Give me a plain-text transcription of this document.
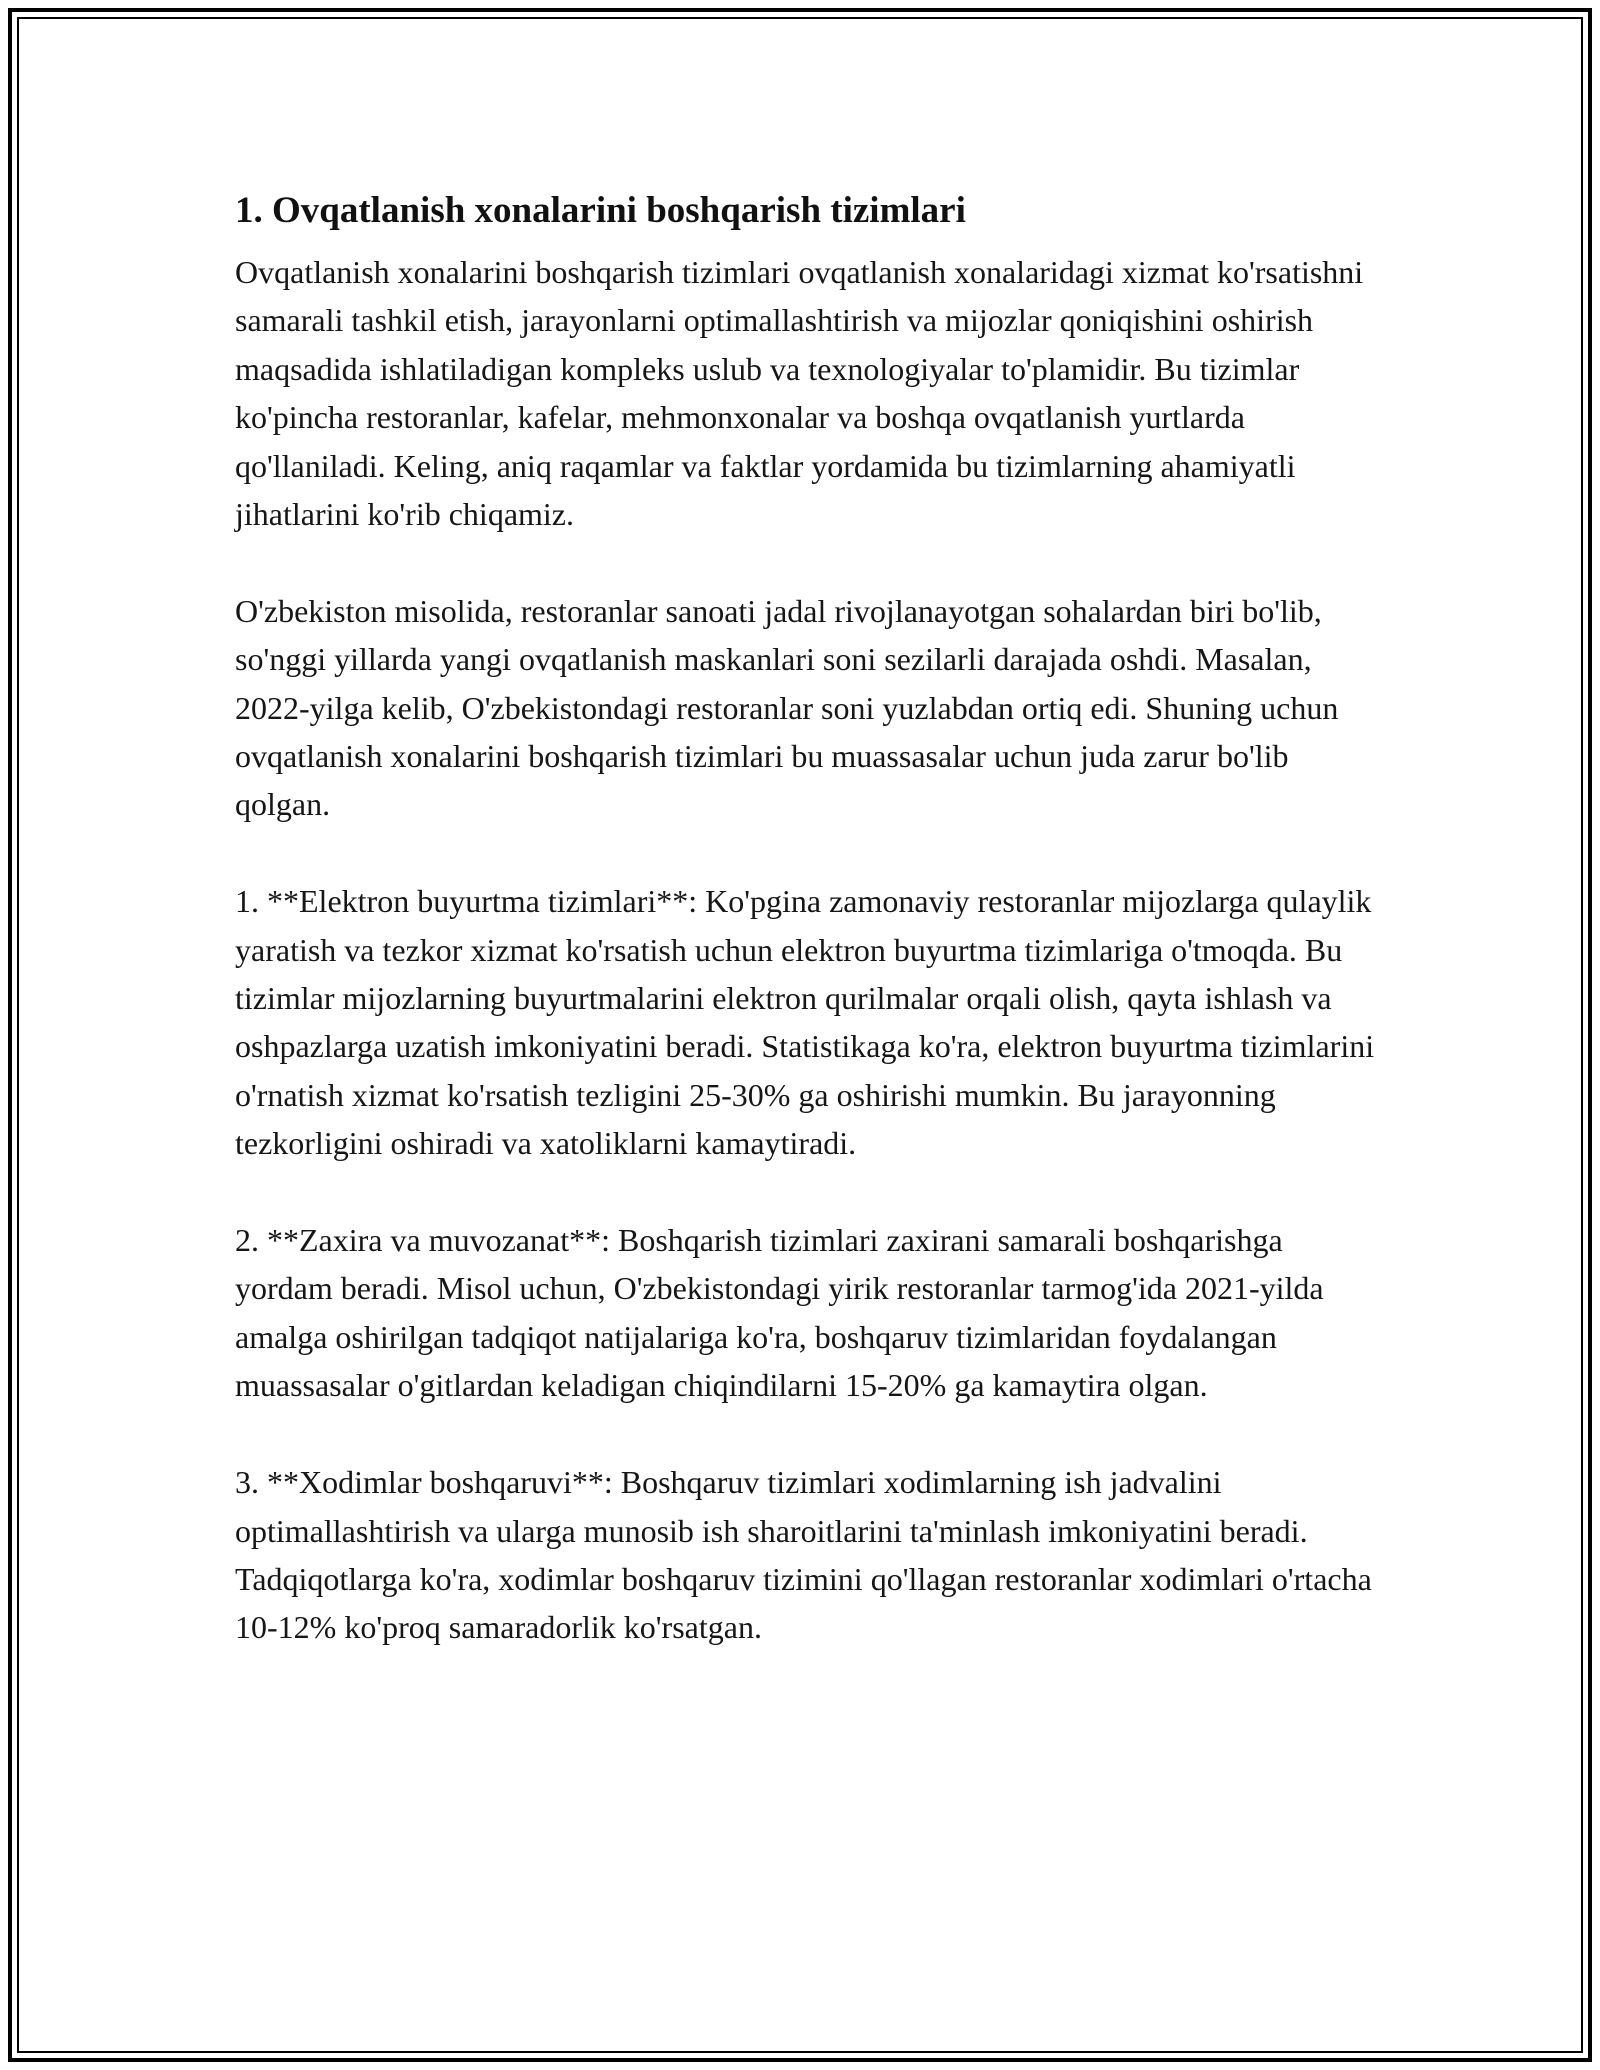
1. Ovqatlanish xonalarini boshqarish tizimlari

Ovqatlanish xonalarini boshqarish tizimlari ovqatlanish xonalaridagi xizmat ko'rsatishni samarali tashkil etish, jarayonlarni optimallashtirish va mijozlar qoniqishini oshirish maqsadida ishlatiladigan kompleks uslub va texnologiyalar to'plamidir. Bu tizimlar ko'pincha restoranlar, kafelar, mehmonxonalar va boshqa ovqatlanish yurtlarda qo'llaniladi. Keling, aniq raqamlar va faktlar yordamida bu tizimlarning ahamiyatli jihatlarini ko'rib chiqamiz.

O'zbekiston misolida, restoranlar sanoati jadal rivojlanayotgan sohalardan biri bo'lib, so'nggi yillarda yangi ovqatlanish maskanlari soni sezilarli darajada oshdi. Masalan, 2022-yilga kelib, O'zbekistondagi restoranlar soni yuzlabdan ortiq edi. Shuning uchun ovqatlanish xonalarini boshqarish tizimlari bu muassasalar uchun juda zarur bo'lib qolgan.

1. **Elektron buyurtma tizimlari**: Ko'pgina zamonaviy restoranlar mijozlarga qulaylik yaratish va tezkor xizmat ko'rsatish uchun elektron buyurtma tizimlariga o'tmoqda. Bu tizimlar mijozlarning buyurtmalarini elektron qurilmalar orqali olish, qayta ishlash va oshpazlarga uzatish imkoniyatini beradi. Statistikaga ko'ra, elektron buyurtma tizimlarini o'rnatish xizmat ko'rsatish tezligini 25-30% ga oshirishi mumkin. Bu jarayonning tezkorligini oshiradi va xatoliklarni kamaytiradi.

2. **Zaxira va muvozanat**: Boshqarish tizimlari zaxirani samarali boshqarishga yordam beradi. Misol uchun, O'zbekistondagi yirik restoranlar tarmog'ida 2021-yilda amalga oshirilgan tadqiqot natijalariga ko'ra, boshqaruv tizimlaridan foydalangan muassasalar o'gitlardan keladigan chiqindilarni 15-20% ga kamaytira olgan.

3. **Xodimlar boshqaruvi**: Boshqaruv tizimlari xodimlarning ish jadvalini optimallashtirish va ularga munosib ish sharoitlarini ta'minlash imkoniyatini beradi. Tadqiqotlarga ko'ra, xodimlar boshqaruv tizimini qo'llagan restoranlar xodimlari o'rtacha 10-12% ko'proq samaradorlik ko'rsatgan.
